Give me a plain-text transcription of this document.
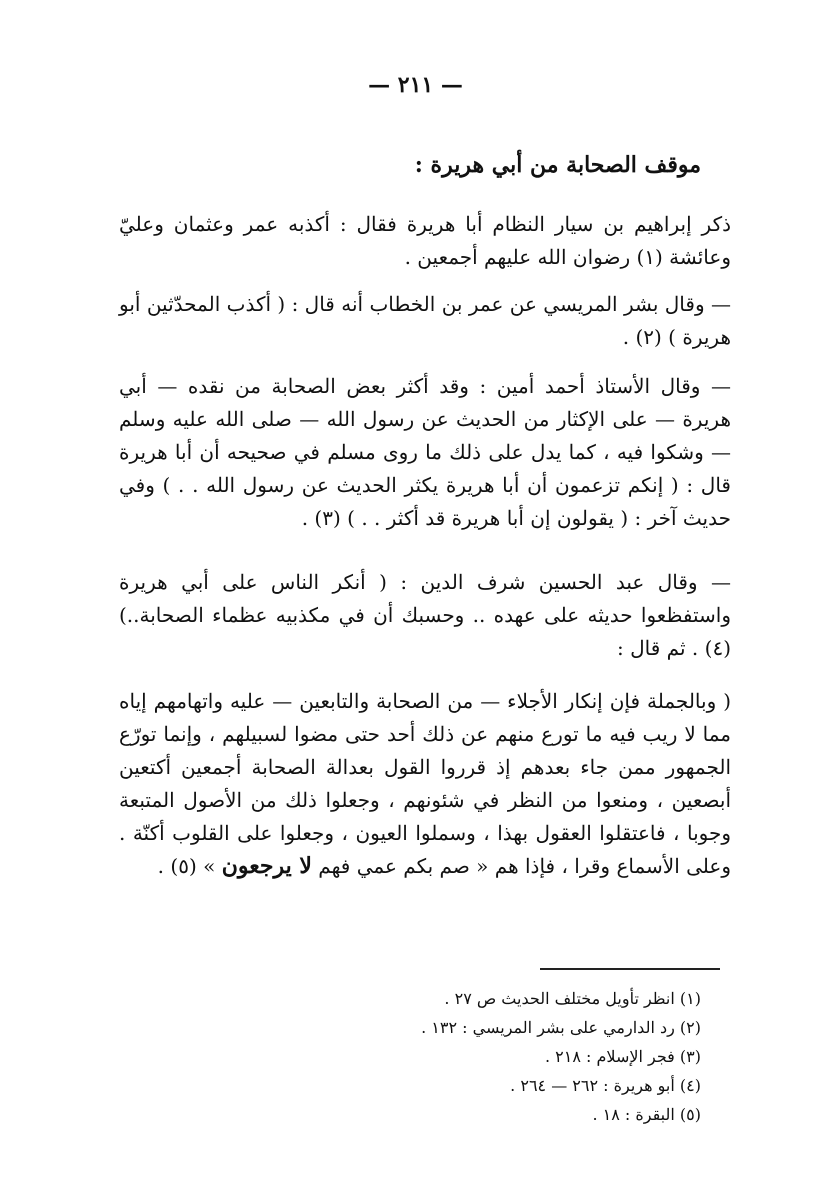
— ٢١١ —
موقف الصحابة من أبي هريرة :

ذكر إبراهيم بن سيار النظام أبا هريرة فقال : أكذبه عمر وعثمان وعليّ وعائشة (١) رضوان الله عليهم أجمعين .

— وقال بشر المريسي عن عمر بن الخطاب أنه قال : ( أكذب المحدّثين أبو هريرة ) (٢) .

— وقال الأستاذ أحمد أمين : وقد أكثر بعض الصحابة من نقده — أبي هريرة — على الإكثار من الحديث عن رسول الله — صلى الله عليه وسلم — وشكوا فيه ، كما يدل على ذلك ما روى مسلم في صحيحه أن أبا هريرة قال : ( إنكم تزعمون أن أبا هريرة يكثر الحديث عن رسول الله . . ) وفي حديث آخر : ( يقولون إن أبا هريرة قد أكثر . . ) (٣) .

— وقال عبد الحسين شرف الدين : ( أنكر الناس على أبي هريرة واستفظعوا حديثه على عهده .. وحسبك أن في مكذبيه عظماء الصحابة..) (٤) . ثم قال :

( وبالجملة فإن إنكار الأجلاء — من الصحابة والتابعين — عليه واتهامهم إياه مما لا ريب فيه ما تورع منهم عن ذلك أحد حتى مضوا لسبيلهم ، وإنما تورّع الجمهور ممن جاء بعدهم إذ قرروا القول بعدالة الصحابة أجمعين أكتعين أبصعين ، ومنعوا من النظر في شئونهم ، وجعلوا ذلك من الأصول المتبعة وجوبا ، فاعتقلوا العقول بهذا ، وسملوا العيون ، وجعلوا على القلوب أكنّة . وعلى الأسماع وقرا ، فإذا هم « صم بكم عمي فهم لا يرجعون » (٥) .

(١) انظر تأويل مختلف الحديث ص ٢٧ .
(٢) رد الدارمي على بشر المريسي : ١٣٢ .
(٣) فجر الإسلام : ٢١٨ .
(٤) أبو هريرة : ٢٦٢ — ٢٦٤ .
(٥) البقرة : ١٨ .
